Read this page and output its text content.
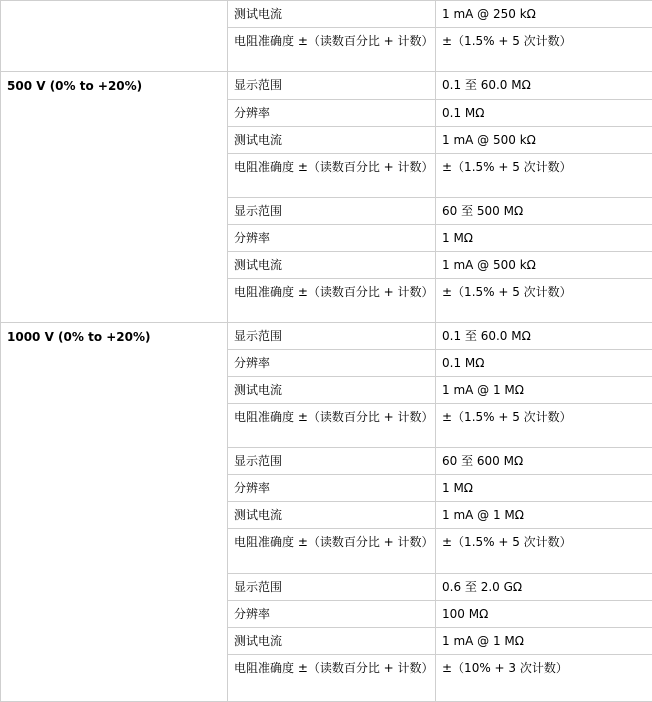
	测试电流	1 mA @ 250 kΩ
	电阻准确度 ±（读数百分比 + 计数）	±（1.5% + 5 次计数）
500 V (0% to +20%)	显示范围	0.1 至 60.0 MΩ
	分辨率	0.1 MΩ
	测试电流	1 mA @ 500 kΩ
	电阻准确度 ±（读数百分比 + 计数）	±（1.5% + 5 次计数）
	显示范围	60 至 500 MΩ
	分辨率	1 MΩ
	测试电流	1 mA @ 500 kΩ
	电阻准确度 ±（读数百分比 + 计数）	±（1.5% + 5 次计数）
1000 V (0% to +20%)	显示范围	0.1 至 60.0 MΩ
	分辨率	0.1 MΩ
	测试电流	1 mA @ 1 MΩ
	电阻准确度 ±（读数百分比 + 计数）	±（1.5% + 5 次计数）
	显示范围	60 至 600 MΩ
	分辨率	1 MΩ
	测试电流	1 mA @ 1 MΩ
	电阻准确度 ±（读数百分比 + 计数）	±（1.5% + 5 次计数）
	显示范围	0.6 至 2.0 GΩ
	分辨率	100 MΩ
	测试电流	1 mA @ 1 MΩ
	电阻准确度 ±（读数百分比 + 计数）	±（10% + 3 次计数）
